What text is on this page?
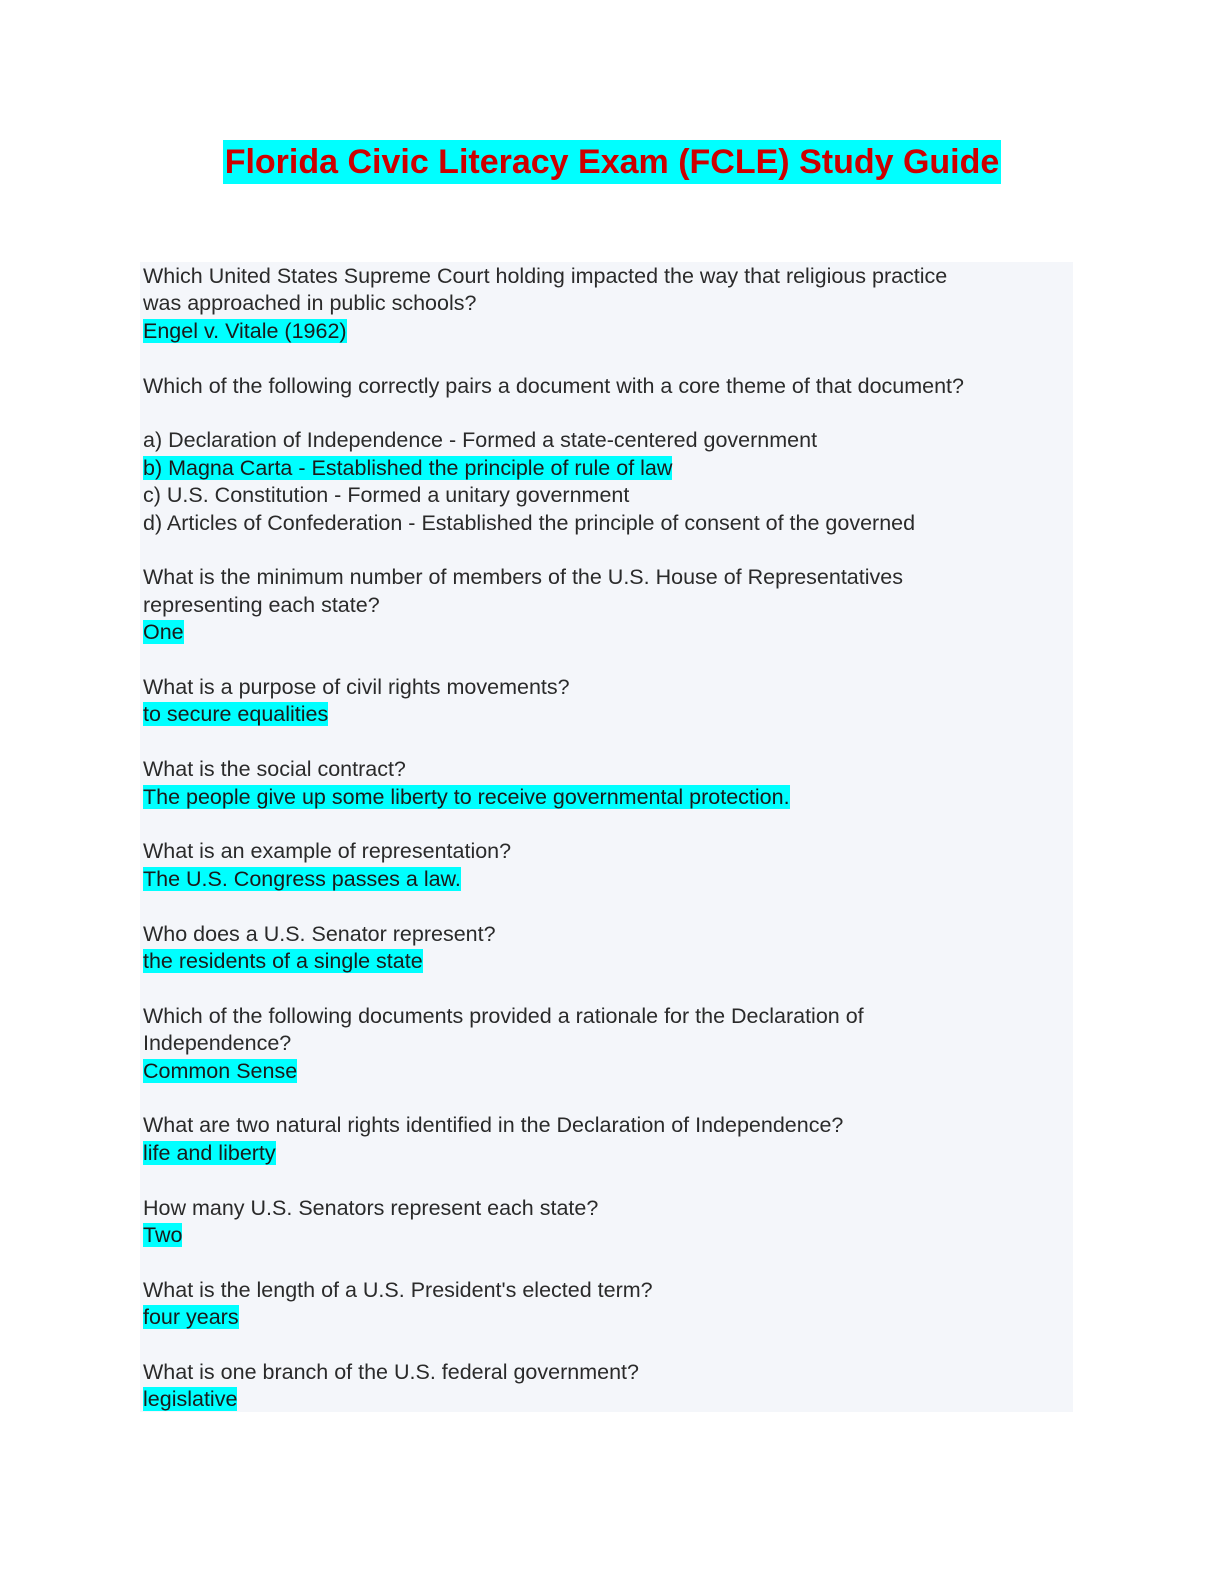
Florida Civic Literacy Exam (FCLE) Study Guide
Which United States Supreme Court holding impacted the way that religious practice
was approached in public schools?
Engel v. Vitale (1962)
Which of the following correctly pairs a document with a core theme of that document?
a) Declaration of Independence - Formed a state-centered government
b) Magna Carta - Established the principle of rule of law
c) U.S. Constitution - Formed a unitary government
d) Articles of Confederation - Established the principle of consent of the governed
What is the minimum number of members of the U.S. House of Representatives
representing each state?
One
What is a purpose of civil rights movements?
to secure equalities
What is the social contract?
The people give up some liberty to receive governmental protection.
What is an example of representation?
The U.S. Congress passes a law.
Who does a U.S. Senator represent?
the residents of a single state
Which of the following documents provided a rationale for the Declaration of
Independence?
Common Sense
What are two natural rights identified in the Declaration of Independence?
life and liberty
How many U.S. Senators represent each state?
Two
What is the length of a U.S. President's elected term?
four years
What is one branch of the U.S. federal government?
legislative
